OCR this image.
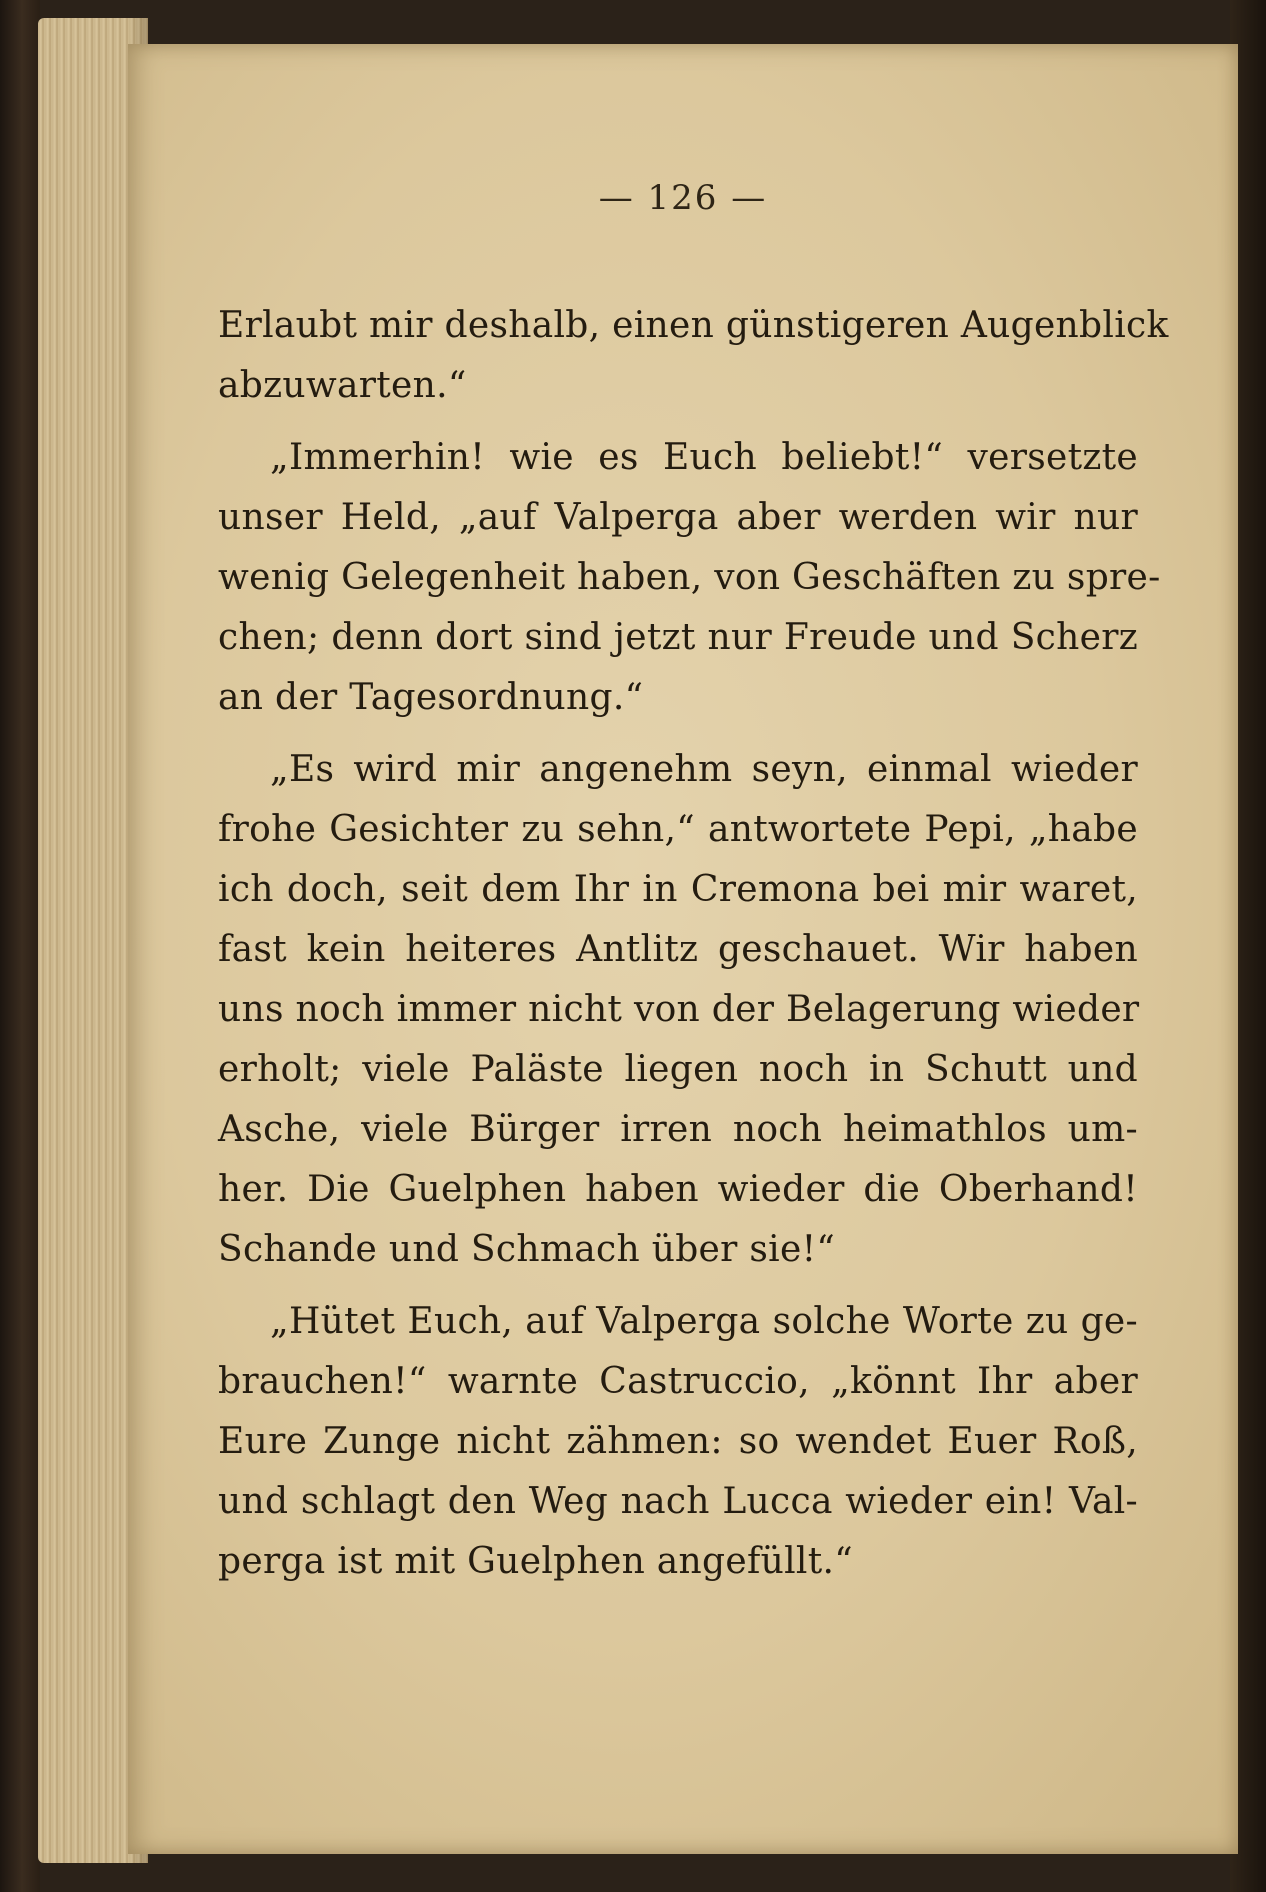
— 126 —
Erlaubt mir deshalb, einen günstigeren Augenblick
abzuwarten.“
„Immerhin! wie es Euch beliebt!“ versetzte
unser Held, „auf Valperga aber werden wir nur
wenig Gelegenheit haben, von Geschäften zu spre-
chen; denn dort sind jetzt nur Freude und Scherz
an der Tagesordnung.“
„Es wird mir angenehm seyn, einmal wieder
frohe Gesichter zu sehn,“ antwortete Pepi, „habe
ich doch, seit dem Ihr in Cremona bei mir waret,
fast kein heiteres Antlitz geschauet. Wir haben
uns noch immer nicht von der Belagerung wieder
erholt; viele Paläste liegen noch in Schutt und
Asche, viele Bürger irren noch heimathlos um-
her. Die Guelphen haben wieder die Oberhand!
Schande und Schmach über sie!“
„Hütet Euch, auf Valperga solche Worte zu ge-
brauchen!“ warnte Castruccio, „könnt Ihr aber
Eure Zunge nicht zähmen: so wendet Euer Roß,
und schlagt den Weg nach Lucca wieder ein! Val-
perga ist mit Guelphen angefüllt.“
